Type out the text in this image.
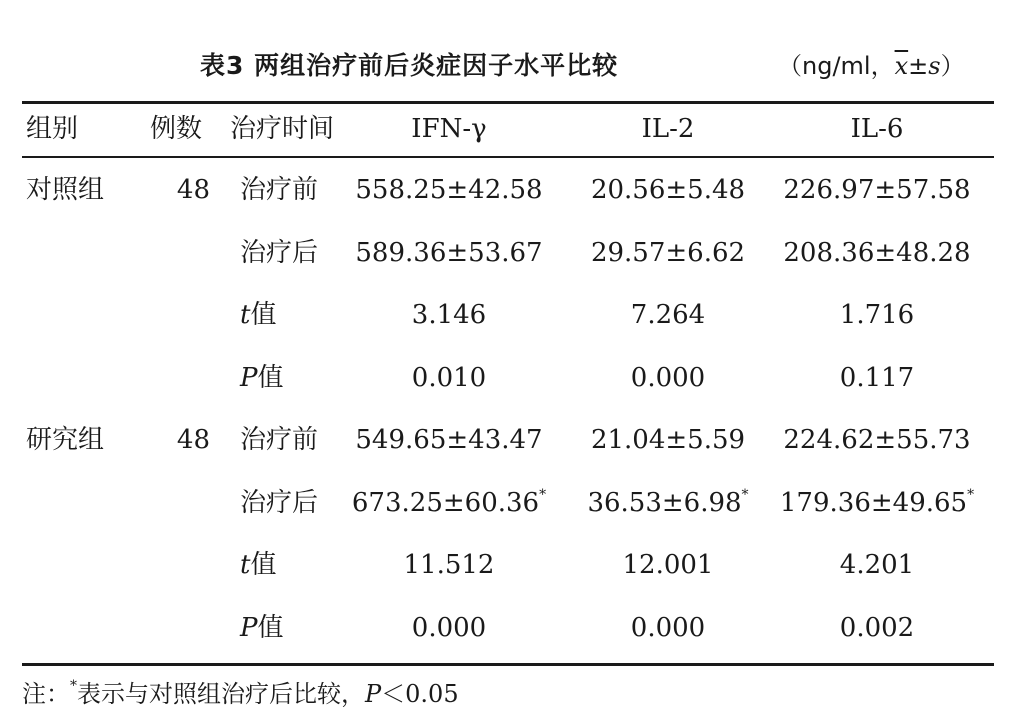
表3 两组治疗前后炎症因子水平比较	（ng/ml，$\overline{x}\pm s$）
组别	例数 治疗时间	IFN-γ	IL-2	IL-6
对照组	48 治疗前	558.25±42.58	20.56±5.48	226.97±57.58
治疗后	589.36±53.67	29.57±6.62	208.36±48.28
t值	3.146	7.264	1.716
P值	0.010	0.000	0.117
研究组	48 治疗前	549.65±43.47	21.04±5.59	224.62±55.73
治疗后	673.25±60.36*	36.53±6.98*	179.36±49.65*
t值	11.512	12.001	4.201
P值	0.000	0.000	0.002
注：*表示与对照组治疗后比较，P＜0.05
